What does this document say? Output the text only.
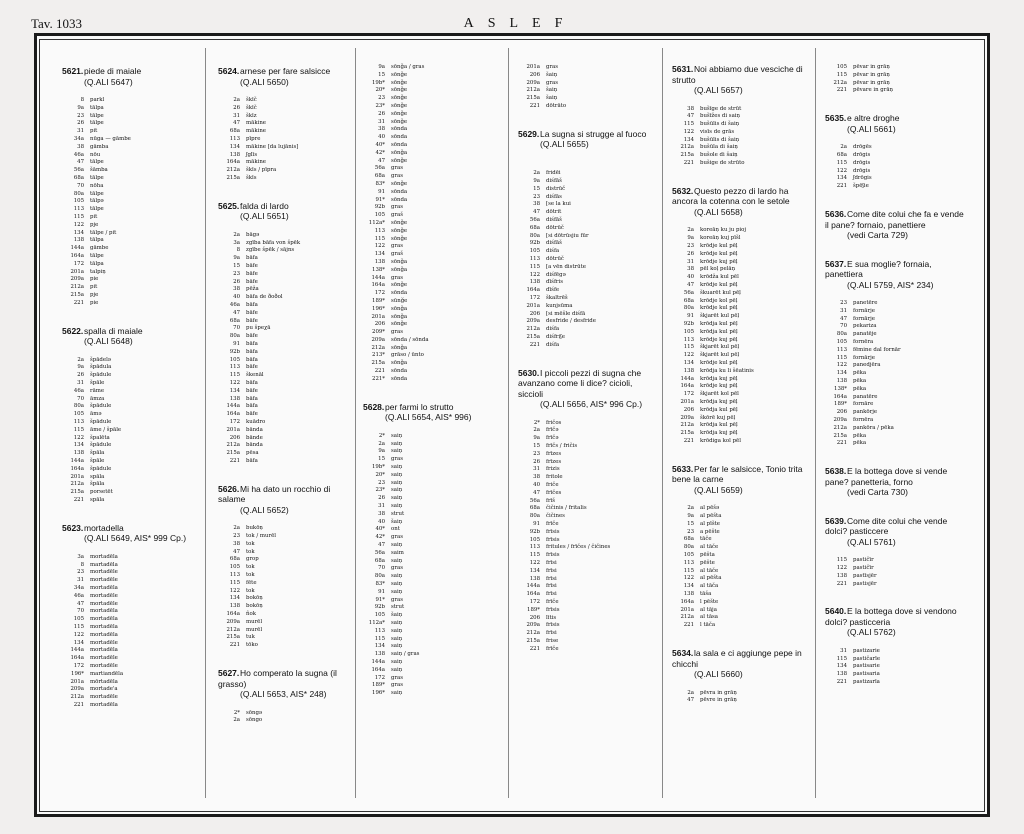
Tav. 1033	ASLEF
5621.piede di maiale
(Q.ALI 5647)
8	parkl
9a	tālpa
23	tālpe
26	tālpe
31	pit
34a	nūga — gāmbe
38	gāmba
46a	nōu
47	tālpe
56a	šāmba
68a	tālpe
70	nōha
80a	tālpe
105	tālpə
113	tālpe
115	pit
122	pje
134	tālpe / pit
138	tālpa
144a	gāmbe
164a	tālpe
172	tālpa
201a	talpiņ
209a	pie
212a	pit
215a	pje
221	pie
5622.spalla di maiale
(Q.ALI 5648)
2a	špādelə
9a	špādula
26	špādule
31	špāle
46a	rāme
70	āmza
80a	špādule
105	āmə
113	špādule
115	āme / špāle
122	špalēta
134	špādule
138	špāla
144a	špāle
164a	špādule
201a	spāla
212a	špāla
215a	porsetēt
221	spāla
5623.mortadella
(Q.ALI 5649, AIS* 999 Cp.)
3a	mortadēla
8	martadēla
23	mortadēle
31	mortadēle
34a	mortadēla
46a	mortadēle
47	mortadēle
70	mortadēla
105	mortadēla
115	mortadēla
122	mortadēla
134	mortadēle
144a	mortadēla
164a	mortadēle
172	mortadēle
196*	martiandēla
201a	mōrtadēla
209a	mortade'a
212a	mortadēle
221	mortadēla
5624.arnese per fare salsicce
(Q.ALI 5650)
2a	škīč
26	škīč
31	škīz
47	mākine
68a	mākine
113	pīpre
134	mākine [da lujānis]
138	ʃglīs
164a	mākine
212a	škīs / pīpra
215a	škīs
5625.falda di lardo
(Q.ALI 5651)
2a	bāgə
3a	zgība bāfa von špēk
8	zgībe špēk / sājns
9a	bāfa
15	bāfe
23	bāfe
26	bāfe
38	pēža
40	bāfa de ðoðol
46a	bāfa
47	bāfe
68a	bāfe
70	pu špeχā
80a	bāfe
91	bāfa
92b	bāfa
105	bāfa
113	bāfe
115	škenāl
122	bāfa
134	bāfe
138	bāfa
144a	bāfa
164a	bāfe
172	kuādro
201a	bānda
206	bānde
212a	bānda
215a	pēsa
221	bāfa
5626.Mi ha dato un rocchio di salame
(Q.ALI 5652)
2a	bukōņ
23	tok / murēl
38	tok
47	tok
68a	grop
105	tok
113	tok
115	fēte
122	tok
134	bokōņ
138	bokōņ
164a	ñok
209a	murēl
212a	murēl
215a	tuk
221	tōko
5627.Ho comperato la sugna (il grasso)
(Q.ALI 5653, AIS* 248)
2*	sōngə
2a	sōngo
9a	sōnğa / gras
15	sōnğe
19b*	sōnğe
20*	sōnğe
23	sōnğe
23*	sōnğe
26	sōnğe
31	sōnğe
38	sōnda
40	sōnda
40*	sōnda
42*	sōnğa
47	sōnğe
56a	gras
68a	gras
83*	sōnğe
91	sōnda
91*	sōnda
92b	gras
105	graš
112a*	sōnğe
113	sōnğe
115	sōnğe
122	gras
134	graš
138	sōnğa
138*	sōnğa
144a	gras
164a	sōnğe
172	sōnda
189*	sūnğe
196*	sōnğa
201a	sōnğa
206	sōnğe
209*	gras
209a	sōnda / sōnda
212a	sōnğa
213*	grāso / ūnto
215a	sōnğa
221	sōnda
221*	sōnda
5628.per farmi lo strutto
(Q.ALI 5654, AIS* 996)
2*	saiņ
2a	saiņ
9a	saiņ
15	gras
19b*	saiņ
20*	saiņ
23	saiņ
23*	saiņ
26	saiņ
31	saiņ
38	strut
40	šaiņ
40*	ont
42*	gras
47	saiņ
56a	saim
68a	saiņ
70	gras
80a	saiņ
83*	saiņ
91	saiņ
91*	gras
92b	strut
105	šaiņ
112a*	saiņ
113	saiņ
115	saiņ
134	saiņ
138	saiņ / gras
144a	saiņ
164a	saiņ
172	gras
189*	gras
196*	saiņ
201a	gras
206	šaiņ
209a	gras
212a	šaiņ
215a	šaiņ
221	dōtrāto
5629.La sugna si strugge al fuoco
(Q.ALI 5655)
2a	fridēi
9a	diśfāš
15	distrūč
23	diśfās
38	[se la kui
47	dōtrit
56a	diśfāš
68a	dōtrūč
80a	[si dōtrūsjiu fūr
92b	diśfāš
105	diśfa
113	dōtrūč
115	[a vēn distrūte
122	diśfēgə
138	dīśfris
164a	dīśfe
172	škaltrēš
201a	kunjsūma
206	[si mēšle diśfā
209a	desfride / desfride
212a	diśfa
215a	diśfriʃe
221	diśfa
5630.I piccoli pezzi di sugna che avanzano come li dice? cicioli, siccioli
(Q.ALI 5656, AIS* 996 Cp.)
2*	fričos
2a	frīčə
9a	frīčə
15	frīčs / fričis
23	frīzes
26	frīzes
31	frizis
38	fritole
40	friče
47	frīčes
56a	frīš
68a	čičinis / fritalis
80a	čičines
91	frīče
92b	frīsis
105	frīsis
113	fritules / frīčes / čičines
115	frīsis
122	frīsi
134	frīsi
138	frīsi
144a	frīsi
164a	frīsi
172	frīče
189*	frīsis
206	lītis
209a	frīsis
212a	frīsi
215a	frise
221	frīče
5631.Noi abbiamo due vesciche di strutto
(Q.ALI 5657)
38	bušīge de strūt
47	bušīžes di saiņ
115	bušūlis di šaiņ
122	visīs de grās
134	bušūlis di šaiņ
212a	bušūla di šaiņ
215a	bušole di šaiņ
221	bušige de strūto
5632.Questo pezzo di lardo ha ancora la cotenna con le setole
(Q.ALI 5658)
2a	koreāņ ku ju pioj
9a	koreāņ kuj pīšl
23	krōdje kul pēļ
26	krōdje kul pēļ
31	krōdje kuj pēļ
38	pēl koļ pelāņ
40	krōdža kul pēl
47	krōdje kul pēļ
56a	škuarēt kul pēļ
68a	krōdje kol pēļ
80a	krōdje kul pēļ
91	škjarēt kul pēļ
92b	krōdja kul pēļ
105	krōdja kul pēļ
113	krōdje kuj pēļ
115	škjarēt kul pēļ
122	škjarēt kul pēļ
134	krōdje kul pēļ
138	krōdja ku li šēatinis
144a	krōdja kuj pēļ
164a	krōdje kuj pēļ
172	škjarēt kol pēl
201a	krōdja kuj pēļ
206	krōdja kul pēļ
209a	škōrē kuj pēļ
212a	krōdja kul pēļ
215a	krōdja kuj pēļ
221	krōdiga kol pēl
5633.Per far le salsicce, Tonio trita bene la carne
(Q.ALI 5659)
2a	al pēšə
9a	al pēšta
15	al pīšte
23	a pēšte
68a	tāče
80a	al tāče
105	pēšta
113	pēšte
115	al tāče
122	al pēšta
134	al tāča
138	tāša
164a	l pēšte
201a	al tāja
212a	al tāsa
221	l tāča
5634.la sala e ci aggiunge pepe in chicchi
(Q.ALI 5660)
2a	pēvra in grāņ
47	pēvre in grāņ
105	pēvar in grāņ
115	pēvar in grāņ
212a	pēvar in grāņ
221	pēvare in grāņ
5635.e altre droghe
(Q.ALI 5661)
2a	drōgēs
68a	drōgis
115	drōgis
122	drōgis
134	ʃdrōgis
221	špēʃie
5636.Come dite colui che fa e vende il pane? fornaio, panettiere
(vedi Carta 729)
5637.E sua moglie? fornaia, panettiera
(Q.ALI 5759, AIS* 234)
23	panetēre
31	fornārje
47	fornārje
70	pekariza
80a	panatēje
105	fornēra
113	fēmine dal fornār
115	fornārje
122	panedjēra
134	pēka
138	pēka
138*	pēka
164a	panatēre
189*	fornāre
206	pankōrje
209a	fornēra
212a	pankōra / pēka
215a	pēka
221	pēka
5638.E la bottega dove si vende pane? panetteria, forno
(vedi Carta 730)
5639.Come dite colui che vende dolci? pasticcere
(Q.ALI 5761)
115	pastičīr
122	pastičīr
138	pastīsjēr
221	pastisjēr
5640.E la bottega dove si vendono dolci? pasticceria
(Q.ALI 5762)
31	pastizarie
115	pastičarīe
134	pastisarie
138	pastisaria
221	pastizarīa
